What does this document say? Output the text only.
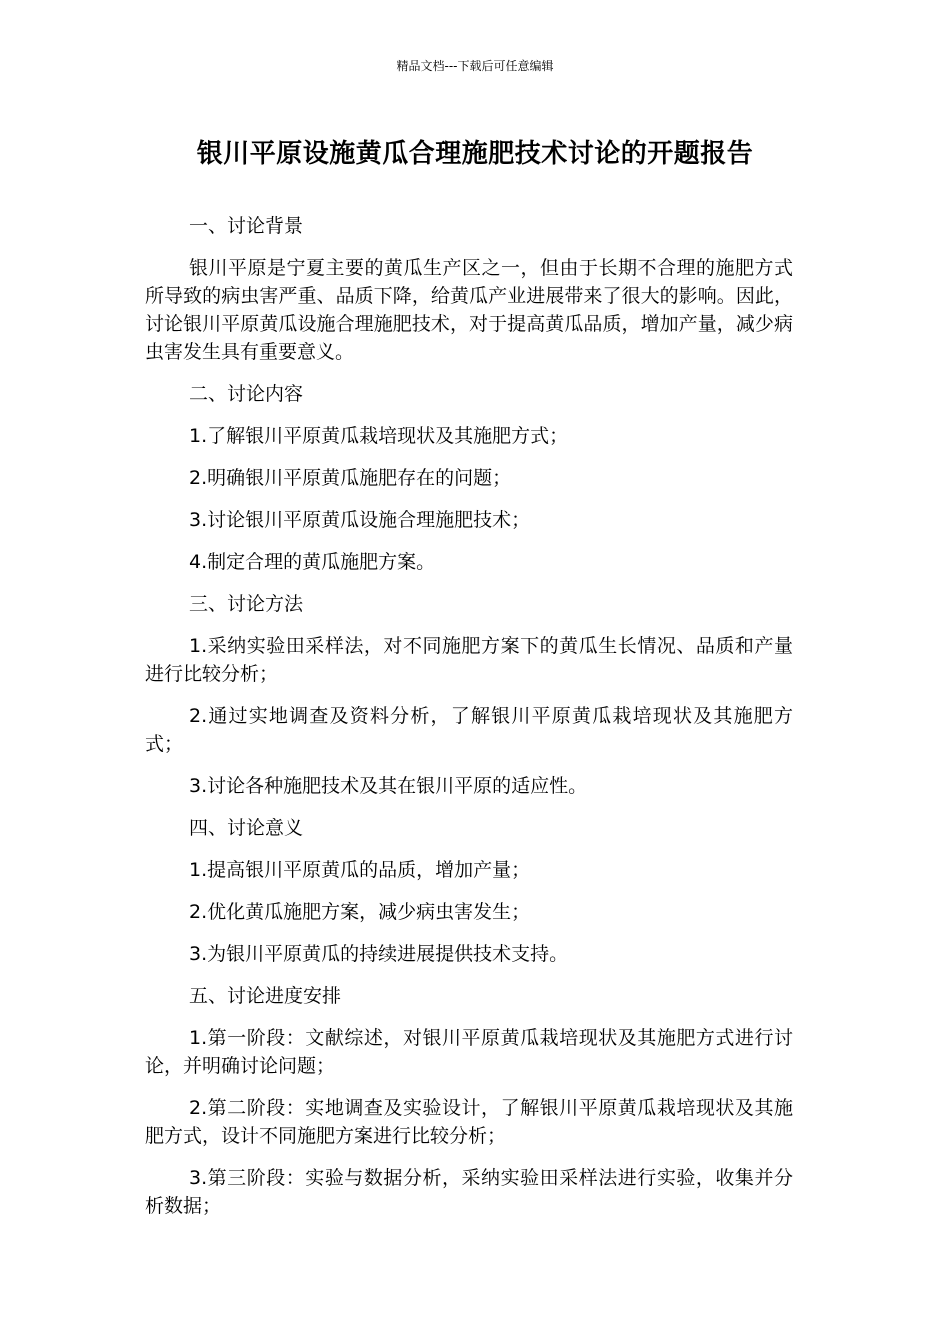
精品文档---下载后可任意编辑
银川平原设施黄瓜合理施肥技术讨论的开题报告

一、讨论背景

银川平原是宁夏主要的黄瓜生产区之一，但由于长期不合理的施肥方式所导致的病虫害严重、品质下降，给黄瓜产业进展带来了很大的影响。因此，讨论银川平原黄瓜设施合理施肥技术，对于提高黄瓜品质，增加产量，减少病虫害发生具有重要意义。

二、讨论内容

1.了解银川平原黄瓜栽培现状及其施肥方式；

2.明确银川平原黄瓜施肥存在的问题；

3.讨论银川平原黄瓜设施合理施肥技术；

4.制定合理的黄瓜施肥方案。

三、讨论方法

1.采纳实验田采样法，对不同施肥方案下的黄瓜生长情况、品质和产量进行比较分析；

2.通过实地调查及资料分析，了解银川平原黄瓜栽培现状及其施肥方式；

3.讨论各种施肥技术及其在银川平原的适应性。

四、讨论意义

1.提高银川平原黄瓜的品质，增加产量；

2.优化黄瓜施肥方案，减少病虫害发生；

3.为银川平原黄瓜的持续进展提供技术支持。

五、讨论进度安排

1.第一阶段：文献综述，对银川平原黄瓜栽培现状及其施肥方式进行讨论，并明确讨论问题；

2.第二阶段：实地调查及实验设计，了解银川平原黄瓜栽培现状及其施肥方式，设计不同施肥方案进行比较分析；

3.第三阶段：实验与数据分析，采纳实验田采样法进行实验，收集并分析数据；
